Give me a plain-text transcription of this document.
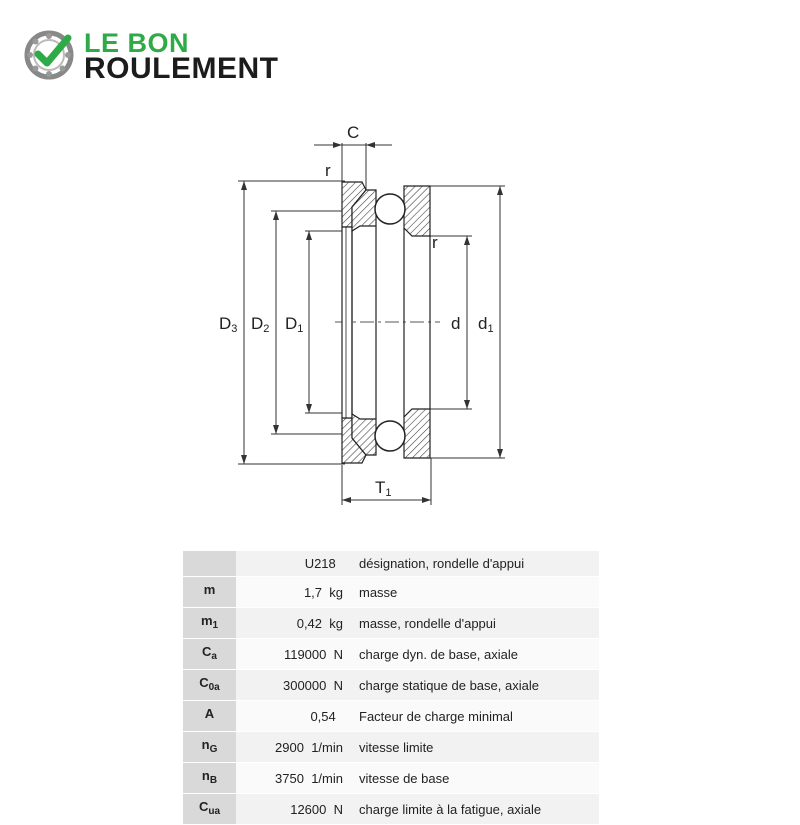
LE BON
ROULEMENT
C
r
r
D3 D2 D1	d d1
T1
	U218	désignation, rondelle d'appui
m	1,7 kg	masse
$m_1$	0,42 kg	masse, rondelle d'appui
$C_a$	119000 N	charge dyn. de base, axiale
$C_{0a}$	300000 N	charge statique de base, axiale
A	0,54	Facteur de charge minimal
$n_G$	2900 1/min	vitesse limite
$n_B$	3750 1/min	vitesse de base
$C_{ua}$	12600 N	charge limite à la fatigue, axiale
